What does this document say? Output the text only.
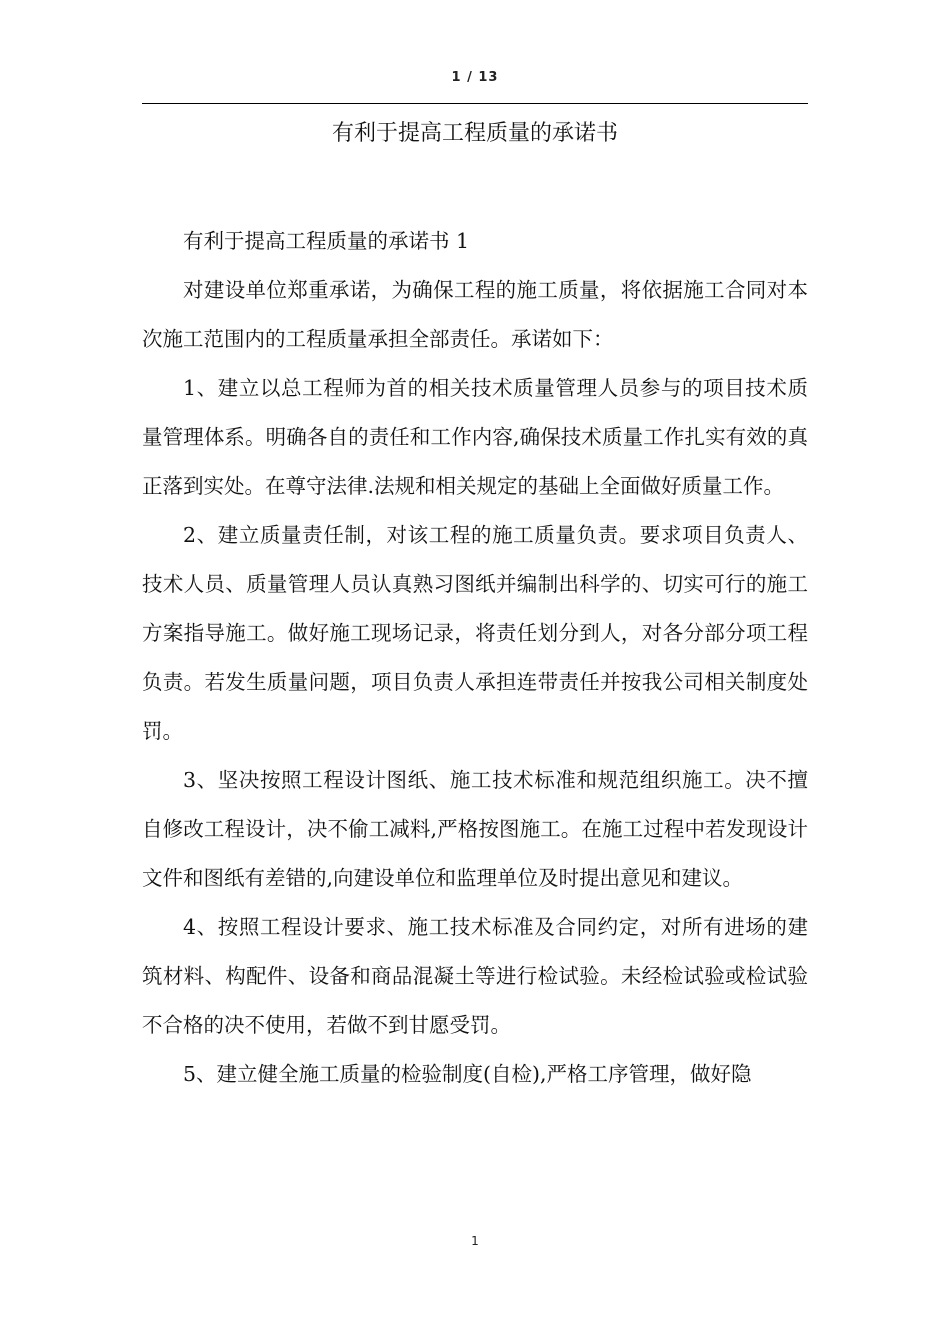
1 / 13
有利于提高工程质量的承诺书

有利于提高工程质量的承诺书 1

对建设单位郑重承诺，为确保工程的施工质量，将依据施工合同对本次施工范围内的工程质量承担全部责任。承诺如下：

1、建立以总工程师为首的相关技术质量管理人员参与的项目技术质量管理体系。明确各自的责任和工作内容,确保技术质量工作扎实有效的真正落到实处。在尊守法律.法规和相关规定的基础上全面做好质量工作。

2、建立质量责任制，对该工程的施工质量负责。要求项目负责人、技术人员、质量管理人员认真熟习图纸并编制出科学的、切实可行的施工方案指导施工。做好施工现场记录，将责任划分到人，对各分部分项工程负责。若发生质量问题，项目负责人承担连带责任并按我公司相关制度处罚。

3、坚决按照工程设计图纸、施工技术标准和规范组织施工。决不擅自修改工程设计，决不偷工减料,严格按图施工。在施工过程中若发现设计文件和图纸有差错的,向建设单位和监理单位及时提出意见和建议。

4、按照工程设计要求、施工技术标准及合同约定，对所有进场的建筑材料、构配件、设备和商品混凝土等进行检试验。未经检试验或检试验不合格的决不使用，若做不到甘愿受罚。

5、建立健全施工质量的检验制度(自检),严格工序管理，做好隐

1
